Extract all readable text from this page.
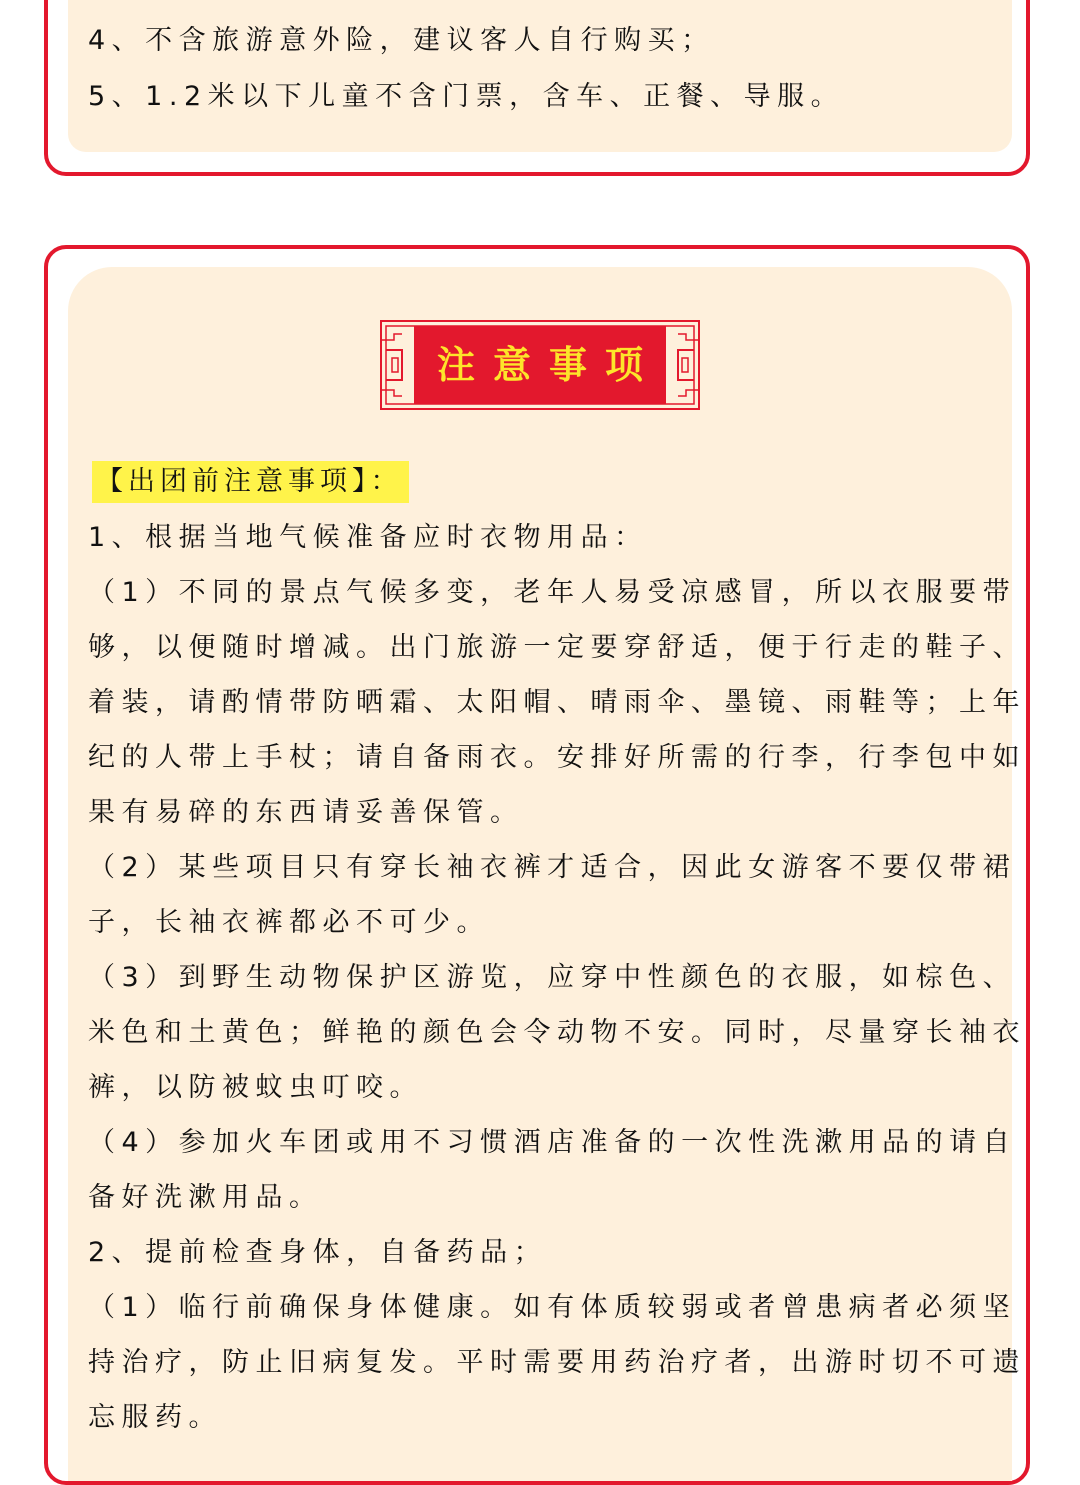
4、不含旅游意外险，建议客人自行购买；

5、1.2米以下儿童不含门票，含车、正餐、导服。

注意事项
【出团前注意事项】：

1、根据当地气候准备应时衣物用品：

（1）不同的景点气候多变，老年人易受凉感冒，所以衣服要带

够，以便随时增减。出门旅游一定要穿舒适，便于行走的鞋子、

着装，请酌情带防晒霜、太阳帽、晴雨伞、墨镜、雨鞋等；上年

纪的人带上手杖；请自备雨衣。安排好所需的行李，行李包中如

果有易碎的东西请妥善保管。

（2）某些项目只有穿长袖衣裤才适合，因此女游客不要仅带裙

子，长袖衣裤都必不可少。

（3）到野生动物保护区游览，应穿中性颜色的衣服，如棕色、

米色和土黄色；鲜艳的颜色会令动物不安。同时，尽量穿长袖衣

裤，以防被蚊虫叮咬。

（4）参加火车团或用不习惯酒店准备的一次性洗漱用品的请自

备好洗漱用品。

2、提前检查身体，自备药品；

（1）临行前确保身体健康。如有体质较弱或者曾患病者必须坚

持治疗，防止旧病复发。平时需要用药治疗者，出游时切不可遗

忘服药。
